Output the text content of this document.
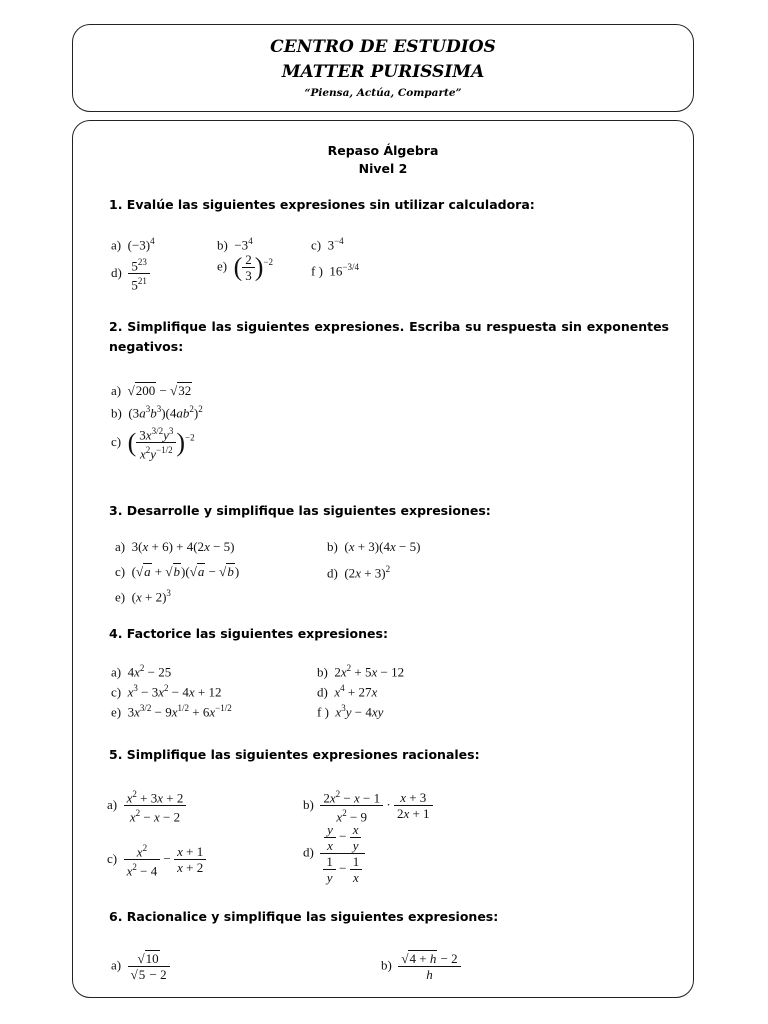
CENTRO DE ESTUDIOS
MATTER PURISSIMA
“Piensa, Actúa, Comparte”
Repaso Álgebra
Nivel 2
1. Evalúe las siguientes expresiones sin utilizar calculadora:
a)  $(-3)^4$	$b) -3^4$	c)  $3^{-4}$
$d) \frac{5^{23}}{5^{21}}$	e) ( $\frac{2}{3} )^{-2}$
f )  $16^{-3/4}$
2. Simplifique las siguientes expresiones. Escriba su respuesta sin exponentes negativos:
a)  √200 − √32
b)  $(3a^3b^3)(4ab^2)^2$
c) ( $\frac{3x^{3/2}y^3}{x^2y^{-1/2}} )^{-2}$
3. Desarrolle y simplifique las siguientes expresiones:
a)  3(x + 6) + 4(2x − 5)	b)  (x + 3)(4x − 5)
c)  (√a + √b)(√a − √b)	d)  $(2x + 3)^2$
e)  $(x + 2)^3$
4. Factorice las siguientes expresiones:
a)  $4x^2 - 25$	b)  $2x^2 + 5x - 12$
c) $x^3 - 3x^2 - 4x + 12$	d) $x^4 + 27x$
e)  $3x^{3/2} - 9x^{1/2} + 6x^{-1/2}$	f ) $x^3y - 4xy$
5. Simplifique las siguientes expresiones racionales:
$a) \frac{x^2 + 3x + 2}{x^2 - x - 2}$	$b) \frac{2x^2 - x - 1}{x^2 - 9} \cdot \frac{x + 3}{2x + 1}$
$c) \frac{x^2}{x^2 - 4} - \frac{x + 1}{x + 2}$	$d) \frac{\frac{y}{x} - \frac{x}{y}}{\frac{1}{y} - \frac{1}{x}}$
6. Racionalice y simplifique las siguientes expresiones:
$a) \frac{√10}{√5 - 2}$	$b) \frac{√4 + h - 2}{h}$
